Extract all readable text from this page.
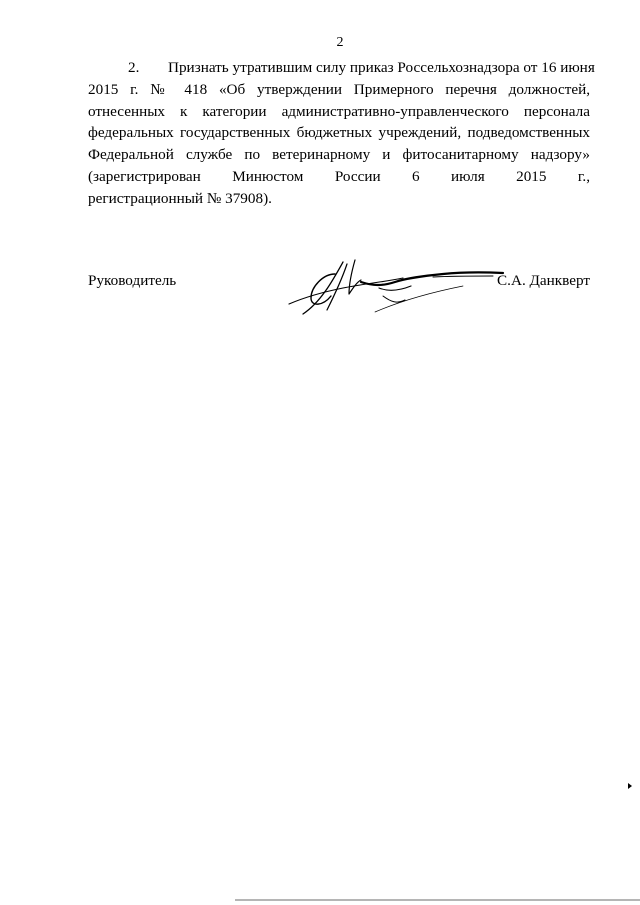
2
2. Признать утратившим силу приказ Россельхознадзора от 16 июня
2015 г. № 418 «Об утверждении Примерного перечня должностей,
отнесенных к категории административно-управленческого персонала
федеральных государственных бюджетных учреждений, подведомственных
Федеральной службе по ветеринарному и фитосанитарному надзору»
(зарегистрирован Минюстом России 6 июля 2015 г.,
регистрационный № 37908).
Руководитель	С.А. Данкверт
